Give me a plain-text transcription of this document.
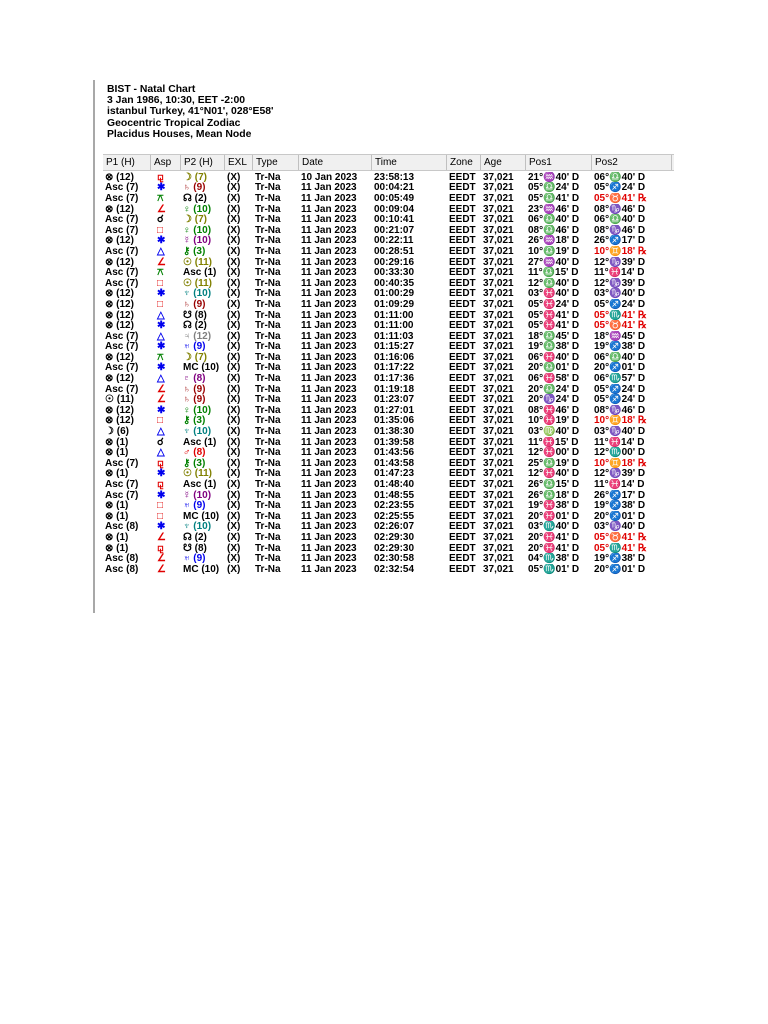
BIST - Natal Chart
3 Jan 1986, 10:30, EET -2:00
istanbul Turkey, 41°N01', 028°E58'
Geocentric Tropical Zodiac
Placidus Houses, Mean Node
P1 (H)	Asp	P2 (H)	EXL Type	Date	Time	Zone	Age	Pos1	Pos2
⊗ (12)	⚼	☽ (7)	(X)	Tr-Na	10 Jan 2023	23:58:13	EEDT 37,021	21°♒40' D	06°♎40' D
Asc (7)	✱	♄ (9)	(X)	Tr-Na	11 Jan 2023	00:04:21	EEDT 37,021	05°♎24' D	05°♐24' D
Asc (7)	⚻	☊ (2)	(X)	Tr-Na	11 Jan 2023	00:05:49	EEDT 37,021	05°♎41' D	05°♉41' ℞
⊗ (12)	∠	♀ (10)	(X)	Tr-Na	11 Jan 2023	00:09:04	EEDT 37,021	23°♒46' D	08°♑46' D
Asc (7)	☌	☽ (7)	(X)	Tr-Na	11 Jan 2023	00:10:41	EEDT 37,021	06°♎40' D	06°♎40' D
Asc (7)	□	♀ (10)	(X)	Tr-Na	11 Jan 2023	00:21:07	EEDT 37,021	08°♎46' D	08°♑46' D
⊗ (12)	✱	☿ (10)	(X)	Tr-Na	11 Jan 2023	00:22:11	EEDT 37,021	26°♒18' D	26°♐17' D
Asc (7)	△	⚷ (3)	(X)	Tr-Na	11 Jan 2023	00:28:51	EEDT 37,021	10°♎19' D	10°♊18' ℞
⊗ (12)	∠	☉ (11)	(X)	Tr-Na	11 Jan 2023	00:29:16	EEDT 37,021	27°♒40' D	12°♑39' D
Asc (7)	⚻	Asc (1)	(X)	Tr-Na	11 Jan 2023	00:33:30	EEDT 37,021	11°♎15' D	11°♓14' D
Asc (7)	□	☉ (11)	(X)	Tr-Na	11 Jan 2023	00:40:35	EEDT 37,021	12°♎40' D	12°♑39' D
⊗ (12)	✱	♆ (10)	(X)	Tr-Na	11 Jan 2023	01:00:29	EEDT 37,021	03°♓40' D	03°♑40' D
⊗ (12)	□	♄ (9)	(X)	Tr-Na	11 Jan 2023	01:09:29	EEDT 37,021	05°♓24' D	05°♐24' D
⊗ (12)	△	☋ (8)	(X)	Tr-Na	11 Jan 2023	01:11:00	EEDT 37,021	05°♓41' D	05°♏41' ℞
⊗ (12)	✱	☊ (2)	(X)	Tr-Na	11 Jan 2023	01:11:00	EEDT 37,021	05°♓41' D	05°♉41' ℞
Asc (7)	△	♃ (12)	(X)	Tr-Na	11 Jan 2023	01:11:03	EEDT 37,021	18°♎45' D	18°♒45' D
Asc (7)	✱	♅ (9)	(X)	Tr-Na	11 Jan 2023	01:15:27	EEDT 37,021	19°♎38' D	19°♐38' D
⊗ (12)	⚻	☽ (7)	(X)	Tr-Na	11 Jan 2023	01:16:06	EEDT 37,021	06°♓40' D	06°♎40' D
Asc (7)	✱	MC (10) (X)	Tr-Na	11 Jan 2023	01:17:22	EEDT 37,021	20°♎01' D	20°♐01' D
⊗ (12)	△	♇ (8)	(X)	Tr-Na	11 Jan 2023	01:17:36	EEDT 37,021	06°♓58' D	06°♏57' D
Asc (7)	∠	♄ (9)	(X)	Tr-Na	11 Jan 2023	01:19:18	EEDT 37,021	20°♎24' D	05°♐24' D
☉ (11)	∠	♄ (9)	(X)	Tr-Na	11 Jan 2023	01:23:07	EEDT 37,021	20°♑24' D	05°♐24' D
⊗ (12)	✱	♀ (10)	(X)	Tr-Na	11 Jan 2023	01:27:01	EEDT 37,021	08°♓46' D	08°♑46' D
⊗ (12)	□	⚷ (3)	(X)	Tr-Na	11 Jan 2023	01:35:06	EEDT 37,021	10°♓19' D	10°♊18' ℞
☽ (6)	△	♆ (10)	(X)	Tr-Na	11 Jan 2023	01:38:30	EEDT 37,021	03°♍40' D	03°♑40' D
⊗ (1)	☌	Asc (1)	(X)	Tr-Na	11 Jan 2023	01:39:58	EEDT 37,021	11°♓15' D	11°♓14' D
⊗ (1)	△	♂ (8)	(X)	Tr-Na	11 Jan 2023	01:43:56	EEDT 37,021	12°♓00' D	12°♏00' D
Asc (7)	⚼	⚷ (3)	(X)	Tr-Na	11 Jan 2023	01:43:58	EEDT 37,021	25°♎19' D	10°♊18' ℞
⊗ (1)	✱	☉ (11)	(X)	Tr-Na	11 Jan 2023	01:47:23	EEDT 37,021	12°♓40' D	12°♑39' D
Asc (7)	⚼	Asc (1)	(X)	Tr-Na	11 Jan 2023	01:48:40	EEDT 37,021	26°♎15' D	11°♓14' D
Asc (7)	✱	☿ (10)	(X)	Tr-Na	11 Jan 2023	01:48:55	EEDT 37,021	26°♎18' D	26°♐17' D
⊗ (1)	□	♅ (9)	(X)	Tr-Na	11 Jan 2023	02:23:55	EEDT 37,021	19°♓38' D	19°♐38' D
⊗ (1)	□	MC (10) (X)	Tr-Na	11 Jan 2023	02:25:55	EEDT 37,021	20°♓01' D	20°♐01' D
Asc (8)	✱	♆ (10)	(X)	Tr-Na	11 Jan 2023	02:26:07	EEDT 37,021	03°♏40' D	03°♑40' D
⊗ (1)	∠	☊ (2)	(X)	Tr-Na	11 Jan 2023	02:29:30	EEDT 37,021	20°♓41' D	05°♉41' ℞
⊗ (1)	⚼	☋ (8)	(X)	Tr-Na	11 Jan 2023	02:29:30	EEDT 37,021	20°♓41' D	05°♏41' ℞
Asc (8)	∠	♅ (9)	(X)	Tr-Na	11 Jan 2023	02:30:58	EEDT 37,021	04°♏38' D	19°♐38' D
Asc (8)	∠	MC (10) (X)	Tr-Na	11 Jan 2023	02:32:54	EEDT 37,021	05°♏01' D	20°♐01' D
